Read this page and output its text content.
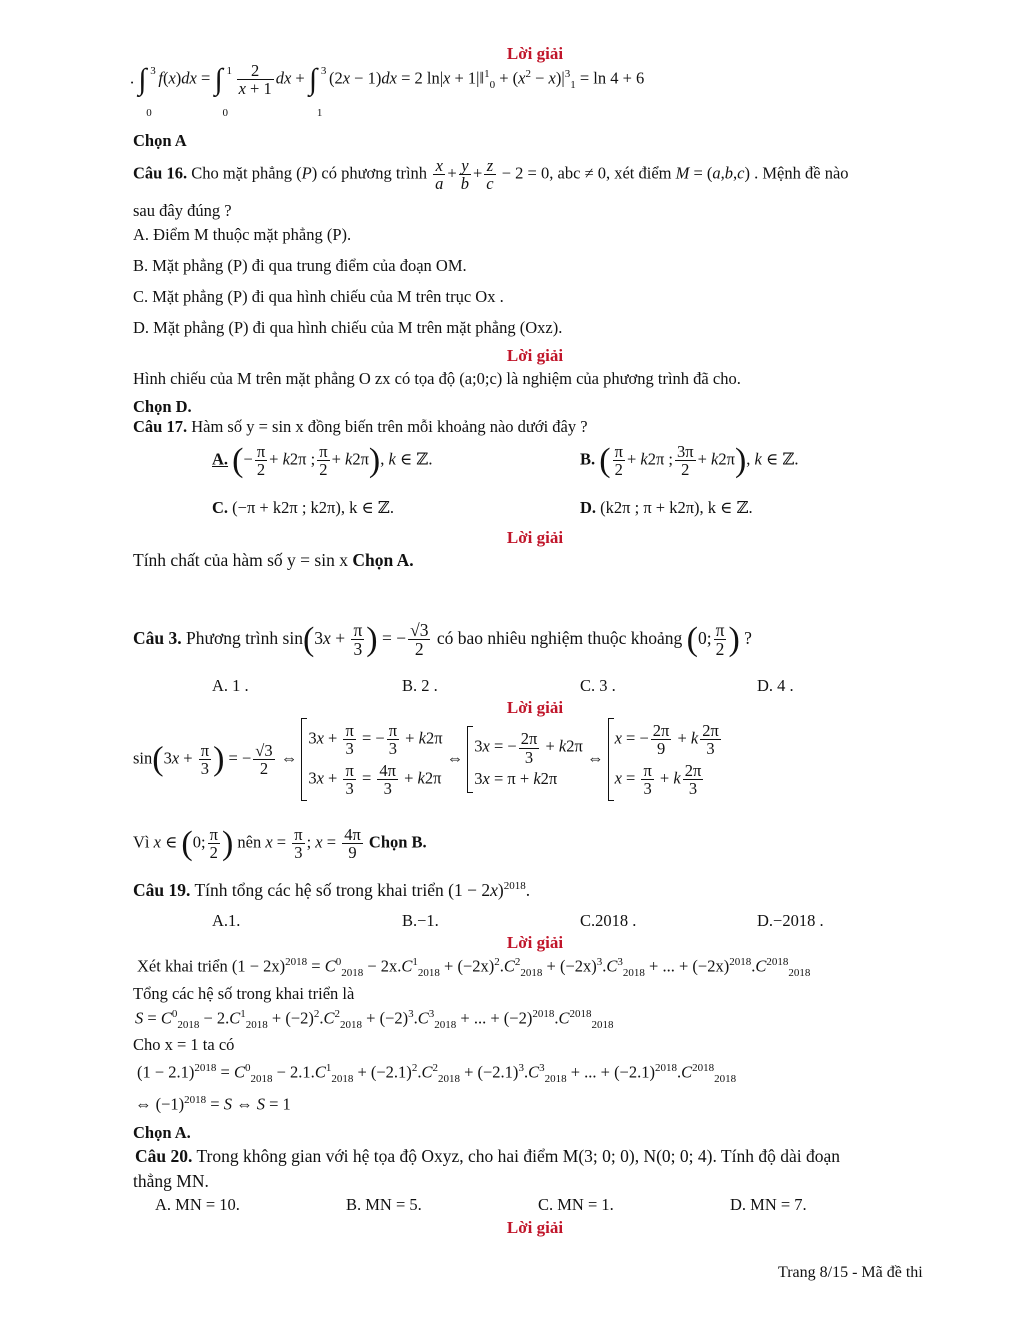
Lời giải
. ∫ 3
0
f(x)dx = ∫ 1
0

$\frac{2}{x + 1}$ dx + ∫ 3
1
(2x − 1)dx = 2 ln|x + 1|‖$^1_0$ + $(x^2 - x)|^3_1 = \ln 4 + 6$
Chọn A
Câu 16. Cho mặt phẳng (P) có phương trình $\frac{x}{a} + \frac{y}{b} + \frac{z}{c} - 2 = 0$, abc ≠ 0, xét điểm M = (a,b,c) . Mệnh đề nào
sau đây đúng ?
A. Điểm M thuộc mặt phẳng (P).
B. Mặt phẳng (P) đi qua trung điểm của đoạn OM.
C. Mặt phẳng (P) đi qua hình chiếu của M trên trục Ox .
D. Mặt phẳng (P) đi qua hình chiếu của M trên mặt phẳng (Oxz).
Lời giải
Hình chiếu của M trên mặt phẳng O zx có tọa độ (a;0;c) là nghiệm của phương trình đã cho.
Chọn D.
Câu 17. Hàm số y = sin x đồng biến trên mỗi khoảng nào dưới đây ?
A. (− $\frac{\pi}{2} + k2\pi$ ; $\frac{\pi}{2} + k2\pi$), k ∈ ℤ.	B. ( $\frac{\pi}{2} + k2\pi$ ; $\frac{3\pi}{2} + k2\pi$), k ∈ ℤ.
C. (−π + k2π ; k2π), k ∈ ℤ.	D. (k2π ; π + k2π), k ∈ ℤ.
Lời giải
Tính chất của hàm số y = sin x Chọn A.
Câu 3. Phương trình $\sin(3x + \frac{\pi}{3}$ ) = − $\frac{√3}{2}$ có bao nhiêu nghiệm thuộc khoảng (0; $\frac{\pi}{2}$ ) ?
A. 1 .	B. 2 .	C. 3 .	D. 4 .
Lời giải
$\sin(3x + \frac{\pi}{3}$ ) = − $\frac{√3}{2}$ ⇔
$3x + \frac{\pi}{3}$ = − $\frac{\pi}{3} + k2\pi$
$3x + \frac{\pi}{3} = \frac{4\pi}{3} + k2\pi$
⇔
3x = − $\frac{2\pi}{3} + k2\pi$
3x = π + k2π
⇔
x = − $\frac{2\pi}{9} + k \frac{2\pi}{3}$
$x = \frac{\pi}{3} + k \frac{2\pi}{3}$
Vì x ∈ (0; $\frac{\pi}{2}$ ) nên $x = \frac{\pi}{3}$ ; $x = \frac{4\pi}{9}$ Chọn B.
Câu 19. Tính tổng các hệ số trong khai triển $(1 - 2x)^{2018}$.
A.1.	B.−1.	C.2018 .	D.−2018 .
Lời giải
Xét khai triển $(1 - 2x)^{2018} = C^0_{2018} - 2x.C^1_{2018} + (-2x)^2.C^2_{2018} + (-2x)^3.C^3_{2018}$ + ... + $(-2x)^{2018}.C^{2018}_{2018}$
Tổng các hệ số trong khai triển là
$S = C^0_{2018} - 2.C^1_{2018} + (-2)^2.C^2_{2018} + (-2)^3.C^3_{2018}$ + ... + $(-2)^{2018}.C^{2018}_{2018}$
Cho x = 1 ta có
$(1 - 2.1)^{2018} = C^0_{2018} - 2.1.C^1_{2018} + (-2.1)^2.C^2_{2018} + (-2.1)^3.C^3_{2018}$ + ... + $(-2.1)^{2018}.C^{2018}_{2018}$
⇔ $(-1)^{2018} = S$ ⇔ S = 1
Chọn A.
Câu 20. Trong không gian với hệ tọa độ Oxyz, cho hai điểm M(3; 0; 0), N(0; 0; 4). Tính độ dài đoạn
thẳng MN.
A. MN = 10.	B. MN = 5.	C. MN = 1.	D. MN = 7.
Lời giải
Trang 8/15 - Mã đề thi
